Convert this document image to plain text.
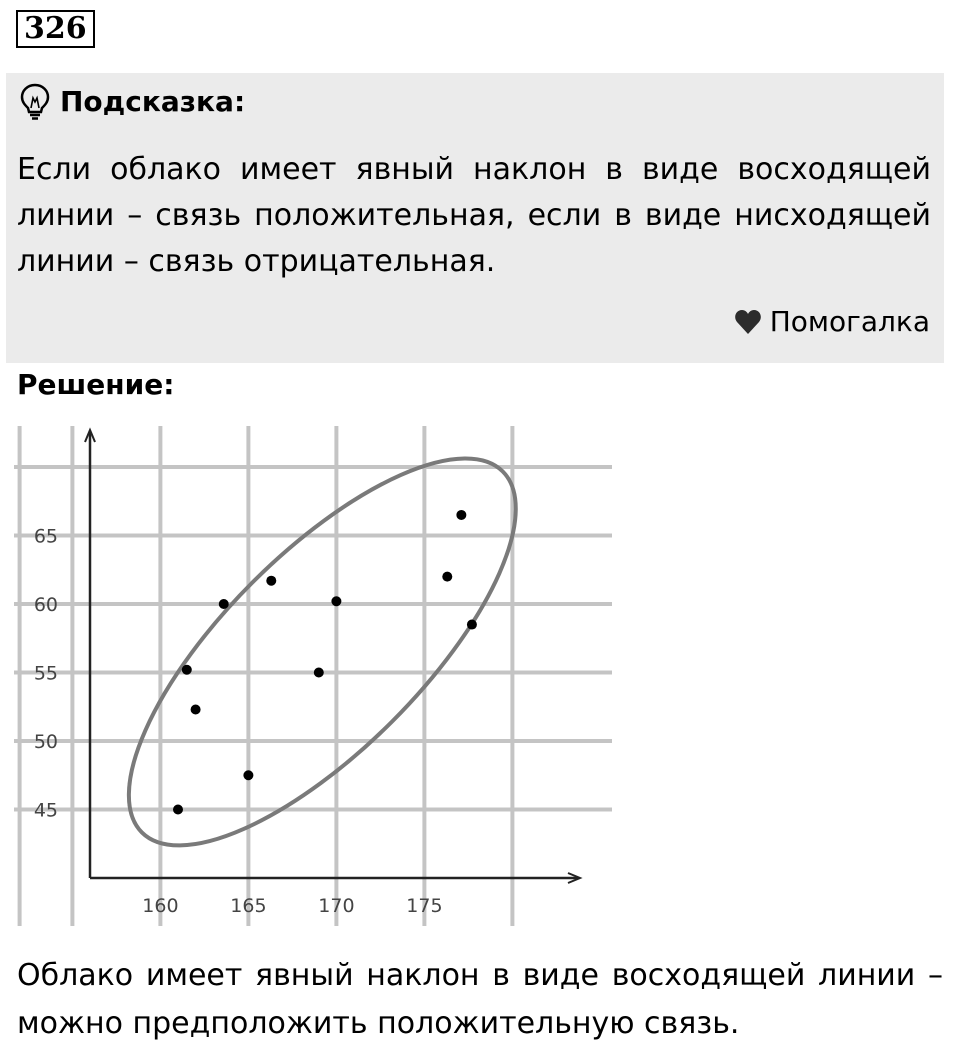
326
Подсказка:

Если облако имеет явный наклон в виде восходящей линии – связь положительная, если в виде нисходящей линии – связь отрицательная.

Помогалка
Решение:
160	165	170	175
45
50
55
60
65

Облако имеет явный наклон в виде восходящей линии – можно предположить положительную связь.
